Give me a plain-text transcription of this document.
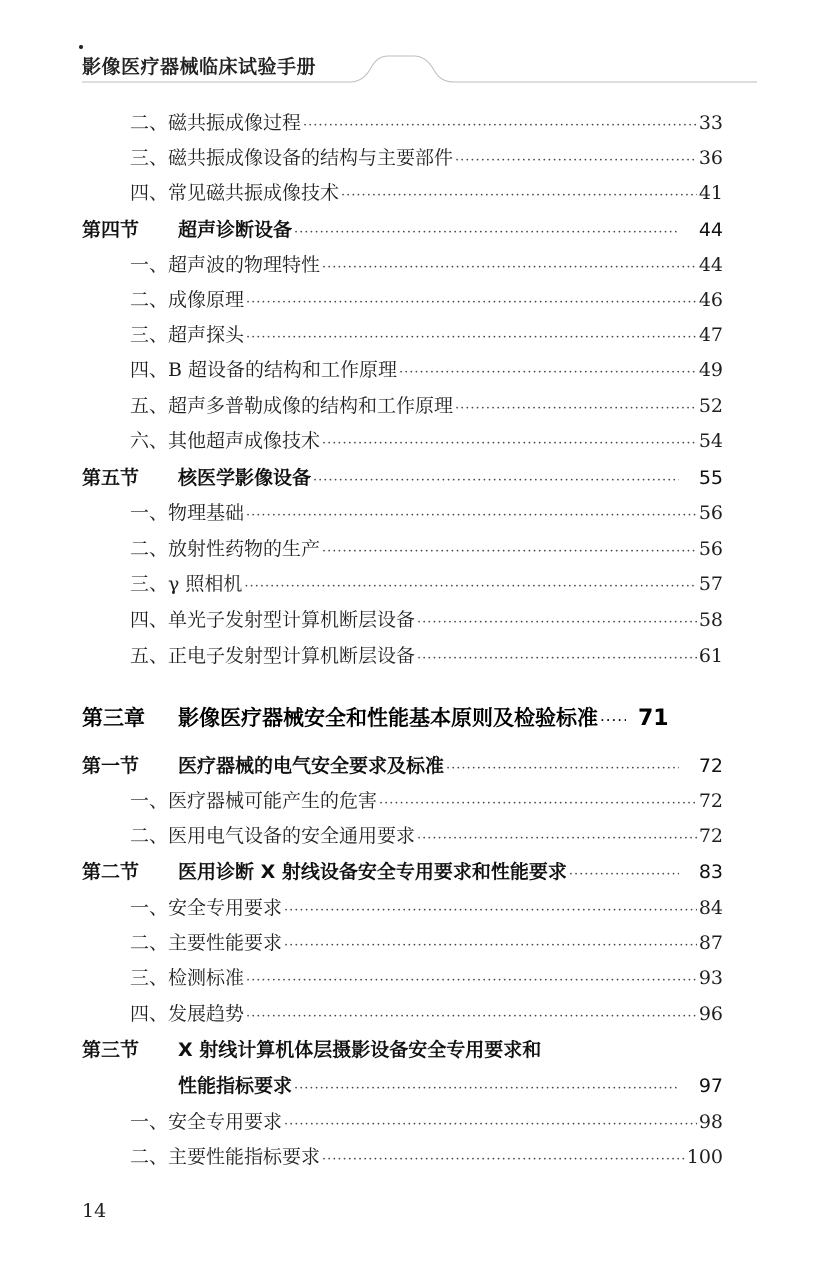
影像医疗器械临床试验手册
二、 磁共振成像过程 ·····	33
三、 磁共振成像设备的结构与主要部件 ·····	36
四、 常见磁共振成像技术 ·····	41
第四节	超声诊断设备 ·····	44
一、 超声波的物理特性 ·····	44
二、 成像原理 ·····	46
三、 超声探头 ·····	47
四、 B 超设备的结构和工作原理 ·····	49
五、 超声多普勒成像的结构和工作原理 ·····	52
六、 其他超声成像技术 ·····	54
第五节	核医学影像设备 ·····	55
一、 物理基础 ·····	56
二、 放射性药物的生产 ·····	56
三、 γ 照相机 ·····	57
四、 单光子发射型计算机断层设备 ·····	58
五、 正电子发射型计算机断层设备 ·····	61
第三章	影像医疗器械安全和性能基本原则及检验标准 ·····	71
第一节	医疗器械的电气安全要求及标准 ·····	72
一、 医疗器械可能产生的危害 ·····	72
二、 医用电气设备的安全通用要求 ·····	72
第二节	医用诊断 X 射线设备安全专用要求和性能要求 ·····	83
一、 安全专用要求 ·····	84
二、 主要性能要求 ·····	87
三、 检测标准 ·····	93
四、 发展趋势 ·····	96
第三节 X 射线计算机体层摄影设备安全专用要求和
性能指标要求 ·····	97
一、 安全专用要求 ·····	98
二、 主要性能指标要求 ·····	100
14
